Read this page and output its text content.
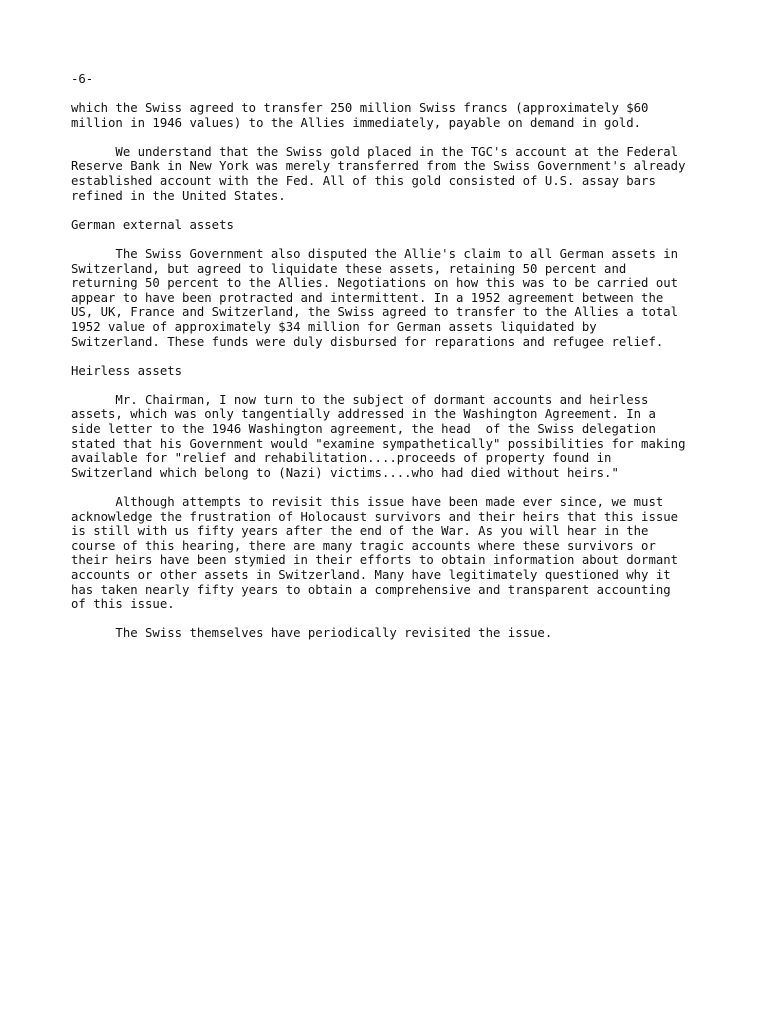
-6-

which the Swiss agreed to transfer 250 million Swiss francs (approximately $60
million in 1946 values) to the Allies immediately, payable on demand in gold.

We understand that the Swiss gold placed in the TGC's account at the Federal
Reserve Bank in New York was merely transferred from the Swiss Government's already
established account with the Fed. All of this gold consisted of U.S. assay bars
refined in the United States.

German external assets

The Swiss Government also disputed the Allie's claim to all German assets in
Switzerland, but agreed to liquidate these assets, retaining 50 percent and
returning 50 percent to the Allies. Negotiations on how this was to be carried out
appear to have been protracted and intermittent. In a 1952 agreement between the
US, UK, France and Switzerland, the Swiss agreed to transfer to the Allies a total
1952 value of approximately $34 million for German assets liquidated by
Switzerland. These funds were duly disbursed for reparations and refugee relief.

Heirless assets

Mr. Chairman, I now turn to the subject of dormant accounts and heirless
assets, which was only tangentially addressed in the Washington Agreement. In a
side letter to the 1946 Washington agreement, the head  of the Swiss delegation
stated that his Government would "examine sympathetically" possibilities for making
available for "relief and rehabilitation....proceeds of property found in
Switzerland which belong to (Nazi) victims....who had died without heirs."

Although attempts to revisit this issue have been made ever since, we must
acknowledge the frustration of Holocaust survivors and their heirs that this issue
is still with us fifty years after the end of the War. As you will hear in the
course of this hearing, there are many tragic accounts where these survivors or
their heirs have been stymied in their efforts to obtain information about dormant
accounts or other assets in Switzerland. Many have legitimately questioned why it
has taken nearly fifty years to obtain a comprehensive and transparent accounting
of this issue.

The Swiss themselves have periodically revisited the issue.
